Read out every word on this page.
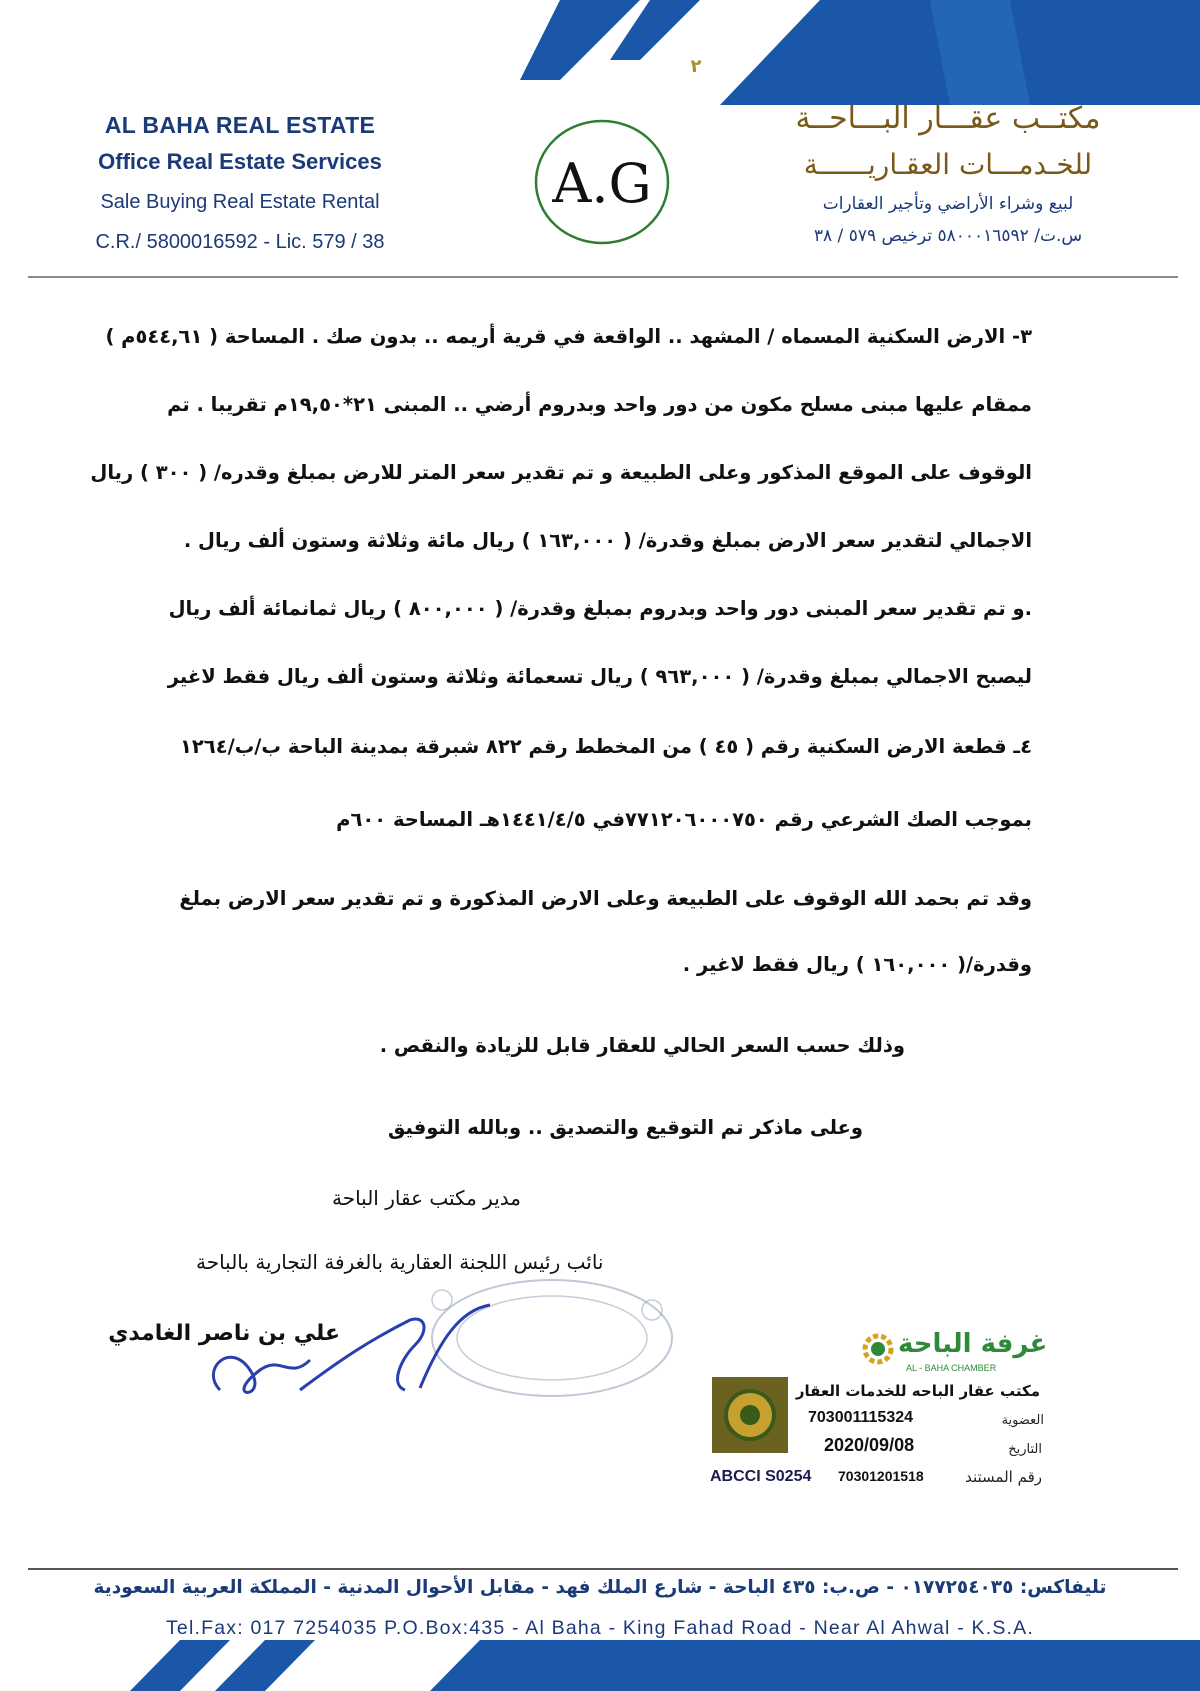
٢
AL BAHA REAL ESTATE
Office Real Estate Services
Sale Buying Real Estate Rental
C.R./ 5800016592 - Lic. 579 / 38
A.G
مكتــب عقـــار البـــاحــة
للخـدمـــات العقـاريــــــة
لبيع وشراء الأراضي وتأجير العقارات
س.ت/ ٥٨٠٠٠١٦٥٩٢ ترخيص ٥٧٩ / ٣٨
٣- الارض السكنية المسماه / المشهد .. الواقعة في قرية أريمه .. بدون صك . المساحة ( ٥٤٤,٦١م )
ممقام عليها مبنى مسلح مكون من دور واحد وبدروم أرضي .. المبنى ٢١*١٩,٥٠م تقريبا . تم
الوقوف على الموقع المذكور وعلى الطبيعة و تم تقدير سعر المتر للارض بمبلغ وقدره/ ( ٣٠٠ ) ريال
الاجمالي لتقدير سعر الارض بمبلغ وقدرة/ ( ١٦٣,٠٠٠ ) ريال مائة وثلاثة وستون ألف ريال .
.و تم تقدير سعر المبنى دور واحد وبدروم بمبلغ وقدرة/ ( ٨٠٠,٠٠٠ ) ريال ثمانمائة ألف ريال
ليصبح الاجمالي بمبلغ وقدرة/ ( ٩٦٣,٠٠٠ ) ريال تسعمائة وثلاثة وستون ألف ريال فقط لاغير
٤ـ قطعة الارض السكنية رقم ( ٤٥ ) من المخطط رقم ٨٢٢ شبرقة بمدينة الباحة ب/ب/١٢٦٤
بموجب الصك الشرعي رقم ٧٧١٢٠٦٠٠٠٧٥٠في ١٤٤١/٤/٥هـ المساحة ٦٠٠م
وقد تم بحمد الله الوقوف على الطبيعة وعلى الارض المذكورة و تم تقدير سعر الارض بملغ
وقدرة/( ١٦٠,٠٠٠ ) ريال فقط لاغير .
وذلك حسب السعر الحالي للعقار قابل للزيادة والنقص .
وعلى ماذكر تم التوقيع والتصديق .. وبالله التوفيق
مدير مكتب عقار الباحة
نائب رئيس اللجنة العقارية بالغرفة التجارية بالباحة
علي بن ناصر الغامدي	غرفة الباحة
AL - BAHA CHAMBER
مكتب عقار الباحه للخدمات العقار
العضوية
703001115324
التاريخ
2020/09/08
رقم المستند
70301201518
ABCCI S0254
تليفاكس: ٠١٧٧٢٥٤٠٣٥ - ص.ب: ٤٣٥ الباحة - شارع الملك فهد - مقابل الأحوال المدنية - المملكة العربية السعودية
Tel.Fax: 017 7254035 P.O.Box:435 - Al Baha - King Fahad Road - Near Al Ahwal - K.S.A.
